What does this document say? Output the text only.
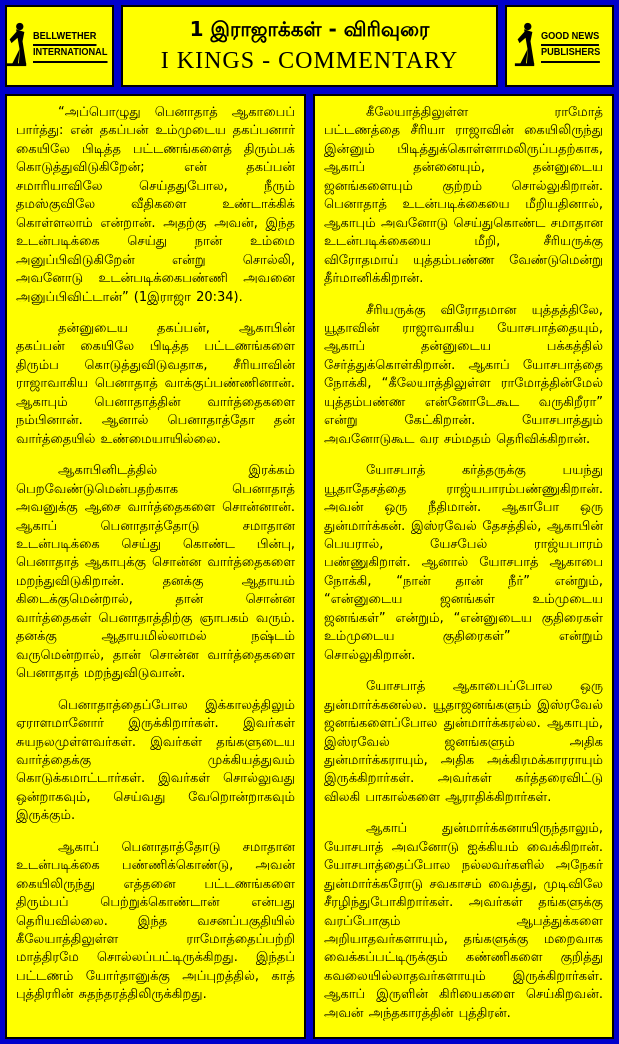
BELLWETHER
INTERNATIONAL
1 இராஜாக்கள் - விரிவுரை
I KINGS - COMMENTARY
GOOD NEWS
PUBLISHERS

“அப்பொழுது பெனாதாத் ஆகாபைப் பார்த்து: என் தகப்பன் உம்முடைய தகப்பனார் கையிலே பிடித்த பட்டணங்களைத் திரும்பக் கொடுத்துவிடுகிறேன்; என் தகப்பன் சமாரியாவிலே செய்ததுபோல, நீரும் தமஸ்குவிலே வீதிகளை உண்டாக்கிக் கொள்ளலாம் என்றான். அதற்கு அவன், இந்த உடன்படிக்கை செய்து நான் உம்மை அனுப்பிவிடுகிறேன் என்று சொல்லி, அவனோடு உடன்படிக்கைபண்ணி அவனை அனுப்பிவிட்டான்” (1இராஜா 20:34).

தன்னுடைய தகப்பன், ஆகாபின் தகப்பன் கையிலே பிடித்த பட்டணங்களை திரும்ப கொடுத்துவிடுவதாக, சீரியாவின் ராஜாவாகிய பெனாதாத் வாக்குப்பண்ணினான். ஆகாபும் பெனாதாத்தின் வார்த்தைகளை நம்பினான். ஆனால் பெனாதாத்தோ தன் வார்த்தையில் உண்மையாயில்லை.

ஆகாபினிடத்தில் இரக்கம் பெறவேண்டுமென்பதற்காக பெனாதாத் அவனுக்கு ஆசை வார்த்தைகளை சொன்னான். ஆகாப் பெனாதாத்தோடு சமாதான உடன்படிக்கை செய்து கொண்ட பின்பு, பெனாதாத் ஆகாபுக்கு சொன்ன வார்த்தைகளை மறந்துவிடுகிறான். தனக்கு ஆதாயம் கிடைக்குமென்றால், தான் சொன்ன வார்த்தைகள் பெனாதாத்திற்கு ஞாபகம் வரும். தனக்கு ஆதாயமில்லாமல் நஷ்டம் வருமென்றால், தான் சொன்ன வார்த்தைகளை பெனாதாத் மறந்துவிடுவான்.

பெனாதாத்தைப்போல இக்காலத்திலும் ஏராளமானோர் இருக்கிறார்கள். இவர்கள் சுயநலமுள்ளவர்கள். இவர்கள் தங்களுடைய வார்த்தைக்கு முக்கியத்துவம் கொடுக்கமாட்டார்கள். இவர்கள் சொல்லுவது ஒன்றாகவும், செய்வது வேறொன்றாகவும் இருக்கும்.

ஆகாப் பெனாதாத்தோடு சமாதான உடன்படிக்கை பண்ணிக்கொண்டு, அவன் கையிலிருந்து எத்தனை பட்டணங்களை திரும்பப் பெற்றுக்கொண்டான் என்பது தெரியவில்லை. இந்த வசனப்பகுதியில் கீலேயாத்திலுள்ள ராமோத்தைப்பற்றி மாத்திரமே சொல்லப்பட்டிருக்கிறது. இந்தப் பட்டணம் யோர்தானுக்கு அப்புறத்தில், காத் புத்திரரின் சுதந்தரத்திலிருக்கிறது.

கீலேயாத்திலுள்ள ராமோத் பட்டணத்தை சீரியா ராஜாவின் கையிலிருந்து இன்னும் பிடித்துக்கொள்ளாமலிருப்பதற்காக, ஆகாப் தன்னையும், தன்னுடைய ஜனங்களையும் குற்றம் சொல்லுகிறான். பெனாதாத் உடன்படிக்கையை மீறியதினால், ஆகாபும் அவனோடு செய்துகொண்ட சமாதான உடன்படிக்கையை மீறி, சீரியருக்கு விரோதமாய் யுத்தம்பண்ண வேண்டுமென்று தீர்மானிக்கிறான்.

சீரியருக்கு விரோதமான யுத்தத்திலே, யூதாவின் ராஜாவாகிய யோசபாத்தையும், ஆகாப் தன்னுடைய பக்கத்தில் சேர்த்துக்கொள்கிறான். ஆகாப் யோசபாத்தை நோக்கி, “கீலேயாத்திலுள்ள ராமோத்தின்மேல் யுத்தம்பண்ண என்னோடேகூட வருகிறீரா” என்று கேட்கிறான். யோசபாத்தும் அவனோடுகூட வர சம்மதம் தெரிவிக்கிறான்.

யோசபாத் கர்த்தருக்கு பயந்து யூதாதேசத்தை ராஜ்யபாரம்பண்ணுகிறான். அவன் ஒரு நீதிமான். ஆகாபோ ஒரு துன்மார்க்கன். இஸ்ரவேல் தேசத்தில், ஆகாபின் பெயரால், யேசபேல் ராஜ்யபாரம் பண்ணுகிறாள். ஆனால் யோசபாத் ஆகாபை நோக்கி, “நான் தான் நீர்” என்றும், “என்னுடைய ஜனங்கள் உம்முடைய ஜனங்கள்” என்றும், “என்னுடைய குதிரைகள் உம்முடைய குதிரைகள்” என்றும் சொல்லுகிறான்.

யோசபாத் ஆகாபைப்போல ஒரு துன்மார்க்கனல்ல. யூதாஜனங்களும் இஸ்ரவேல் ஜனங்களைப்போல துன்மார்க்கரல்ல. ஆகாபும், இஸ்ரவேல் ஜனங்களும் அதிக துன்மார்க்கராயும், அதிக அக்கிரமக்காரராயும் இருக்கிறார்கள். அவர்கள் கர்த்தரைவிட்டு விலகி பாகால்களை ஆராதிக்கிறார்கள்.

ஆகாப் துன்மார்க்கனாயிருந்தாலும், யோசபாத் அவனோடு ஐக்கியம் வைக்கிறான். யோசபாத்தைப்போல நல்லவர்களில் அநேகர் துன்மார்க்கரோடு சவகாசம் வைத்து, முடிவிலே சீரழிந்துபோகிறார்கள். அவர்கள் தங்களுக்கு வரப்போகும் ஆபத்துக்களை அறியாதவர்களாயும், தங்களுக்கு மறைவாக வைக்கப்பட்டிருக்கும் கண்ணிகளை குறித்து கவலையில்லாதவர்களாயும் இருக்கிறார்கள். ஆகாப் இருளின் கிரியைகளை செய்கிறவன். அவன் அந்தகாரத்தின் புத்திரன்.
